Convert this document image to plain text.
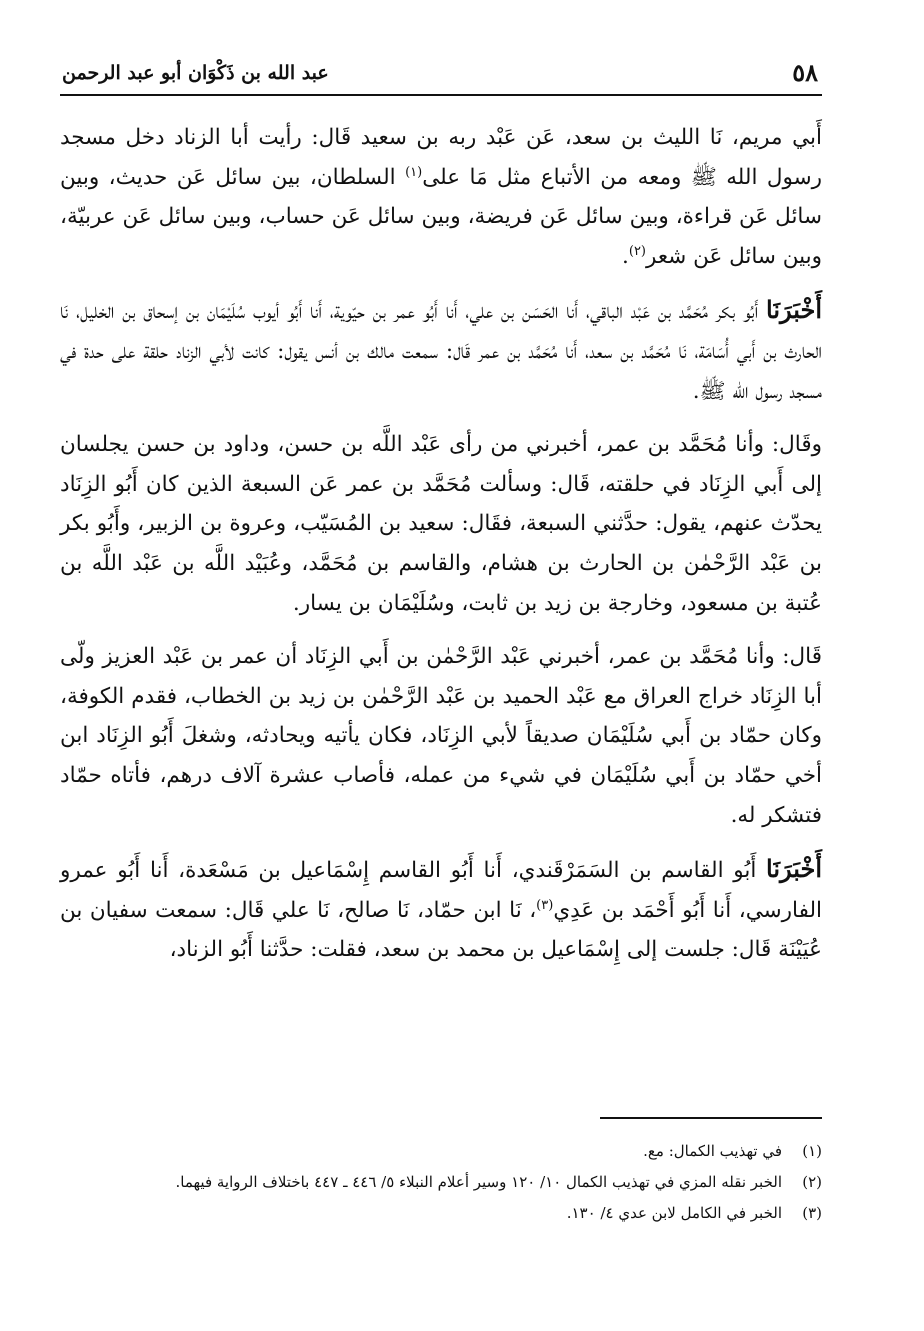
٥٨
عبد الله بن ذَكْوَان أبو عبد الرحمن

أَبي مريم، نَا الليث بن سعد، عَن عَبْد ربه بن سعيد قَال: رأيت أبا الزناد دخل مسجد رسول الله ﷺ ومعه من الأتباع مثل مَا على$^{(١)}$ السلطان، بين سائل عَن حديث، وبين سائل عَن قراءة، وبين سائل عَن فريضة، وبين سائل عَن حساب، وبين سائل عَن عربيّة، وبين سائل عَن شعر$^{(٢)}$.

أَخْبَرَنَا أَبُو بكر مُحَمَّد بن عَبْد الباقي، أَنا الحَسَن بن علي، أَنا أَبُو عمر بن حيّوية، أَنا أَبُو أيوب سُلَيْمَان بن إسحاق بن الخليل، نَا الحارث بن أَبي أُسَامَة، نَا مُحَمَّد بن سعد، أَنا مُحَمَّد بن عمر قَال: سمعت مالك بن أنس يقول: كانت لأبي الزناد حلقة على حدة في مسجد رسول الله ﷺ.

وقَال: وأنا مُحَمَّد بن عمر، أخبرني من رأى عَبْد اللَّه بن حسن، وداود بن حسن يجلسان إلى أَبي الزِنَاد في حلقته، قَال: وسألت مُحَمَّد بن عمر عَن السبعة الذين كان أَبُو الزِنَاد يحدّث عنهم، يقول: حدَّثني السبعة، فقَال: سعيد بن المُسَيّب، وعروة بن الزبير، وأَبُو بكر بن عَبْد الرَّحْمٰن بن الحارث بن هشام، والقاسم بن مُحَمَّد، وعُبَيْد اللَّه بن عَبْد اللَّه بن عُتبة بن مسعود، وخارجة بن زيد بن ثابت، وسُلَيْمَان بن يسار.

قَال: وأنا مُحَمَّد بن عمر، أخبرني عَبْد الرَّحْمٰن بن أَبي الزِنَاد أن عمر بن عَبْد العزيز ولّى أبا الزِنَاد خراج العراق مع عَبْد الحميد بن عَبْد الرَّحْمٰن بن زيد بن الخطاب، فقدم الكوفة، وكان حمّاد بن أَبي سُلَيْمَان صديقاً لأبي الزِنَاد، فكان يأتيه ويحادثه، وشغلَ أَبُو الزِنَاد ابن أخي حمّاد بن أَبي سُلَيْمَان في شيء من عمله، فأصاب عشرة آلاف درهم، فأتاه حمّاد فتشكر له.

أَخْبَرَنَا أَبُو القاسم بن السَمَرْقَندي، أَنا أَبُو القاسم إِسْمَاعيل بن مَسْعَدة، أَنا أَبُو عمرو الفارسي، أَنا أَبُو أَحْمَد بن عَدِي$^{(٣)}$، نَا ابن حمّاد، نَا صالح، نَا علي قَال: سمعت سفيان بن عُيَيْنَة قَال: جلست إلى إِسْمَاعيل بن محمد بن سعد، فقلت: حدَّثنا أَبُو الزناد،

(١)
في تهذيب الكمال: مع.
(٢)
الخبر نقله المزي في تهذيب الكمال ١٠/ ١٢٠ وسير أعلام النبلاء ٥/ ٤٤٦ ـ ٤٤٧ باختلاف الرواية فيهما.
(٣)
الخبر في الكامل لابن عدي ٤/ ١٣٠.
